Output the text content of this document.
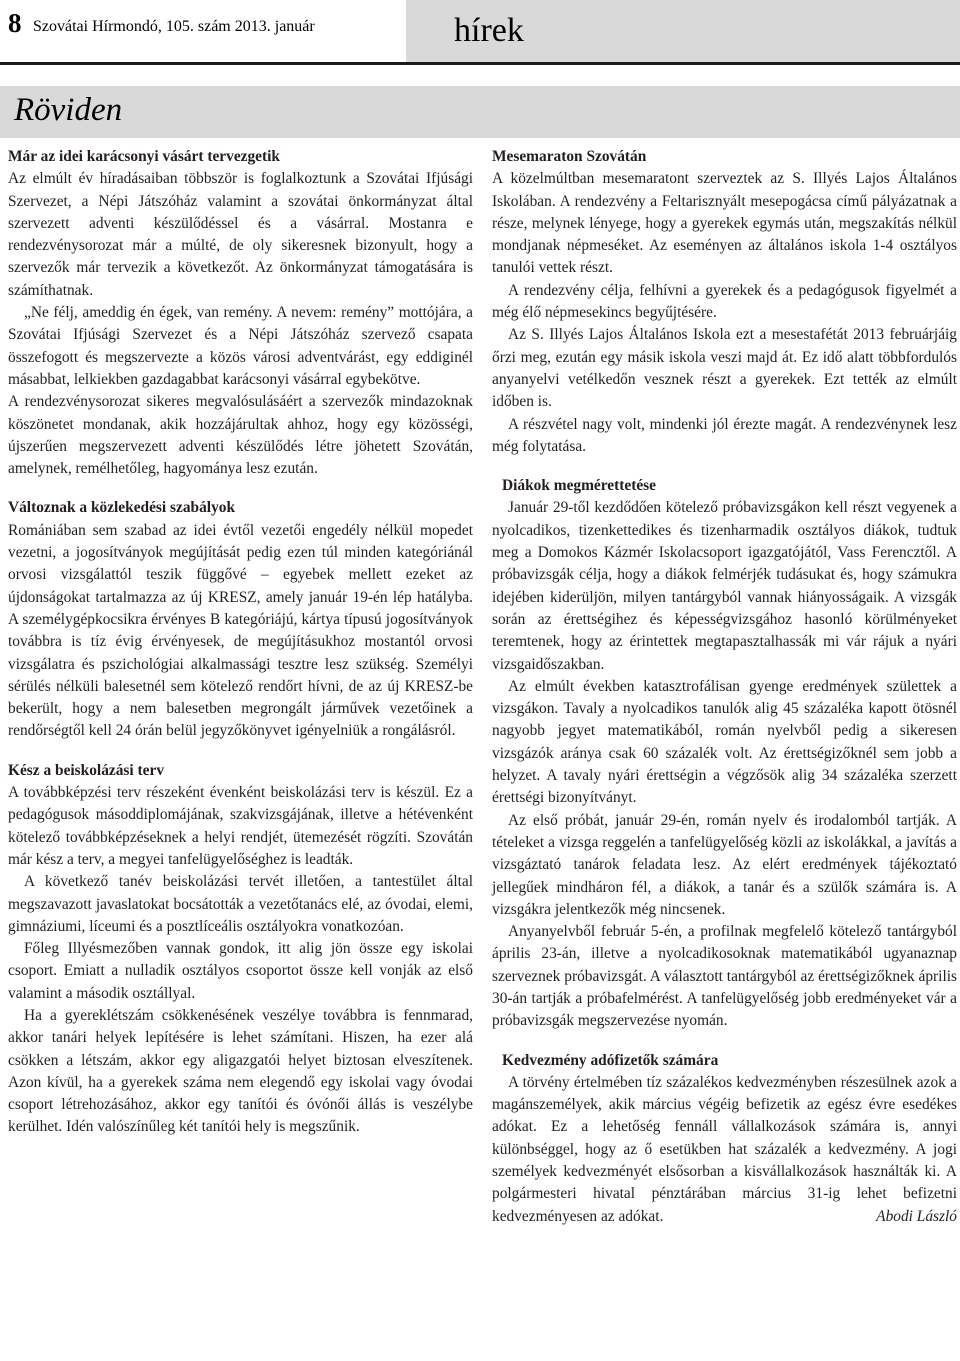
8 Szovátai Hírmondó, 105. szám 2013. január	hírek
Röviden

Már az idei karácsonyi vásárt tervezgetik

Az elmúlt év híradásaiban többször is foglalkoztunk a Szovátai Ifjúsági Szervezet, a Népi Játszóház valamint a szovátai önkormányzat által szervezett adventi készülődéssel és a vásárral. Mostanra e rendezvénysorozat már a múlté, de oly sikeresnek bizonyult, hogy a szervezők már tervezik a következőt. Az önkormányzat támogatására is számíthatnak.

„Ne félj, ameddig én égek, van remény. A nevem: remény” mottójára, a Szovátai Ifjúsági Szervezet és a Népi Játszóház szervező csapata összefogott és megszervezte a közös városi adventvárást, egy eddiginél másabbat, lelkiekben gazdagabbat karácsonyi vásárral egybekötve.

A rendezvénysorozat sikeres megvalósulásáért a szervezők mindazoknak köszönetet mondanak, akik hozzájárultak ahhoz, hogy egy közösségi, újszerűen megszervezett adventi készülődés létre jöhetett Szovátán, amelynek, remélhetőleg, hagyománya lesz ezután.

Változnak a közlekedési szabályok

Romániában sem szabad az idei évtől vezetői engedély nélkül mopedet vezetni, a jogosítványok megújítását pedig ezen túl minden kategóriánál orvosi vizsgálattól teszik függővé – egyebek mellett ezeket az újdonságokat tartalmazza az új KRESZ, amely január 19-én lép hatályba. A személygépkocsikra érvényes B kategóriájú, kártya típusú jogosítványok továbbra is tíz évig érvényesek, de megújításukhoz mostantól orvosi vizsgálatra és pszichológiai alkalmassági tesztre lesz szükség. Személyi sérülés nélküli balesetnél sem kötelező rendőrt hívni, de az új KRESZ-be bekerült, hogy a nem balesetben megrongált járművek vezetőinek a rendőrségtől kell 24 órán belül jegyzőkönyvet igényelniük a rongálásról.

Kész a beiskolázási terv

A továbbképzési terv részeként évenként beiskolázási terv is készül. Ez a pedagógusok másoddiplomájának, szakvizsgájának, illetve a hétévenként kötelező továbbképzéseknek a helyi rendjét, ütemezését rögzíti. Szovátán már kész a terv, a megyei tanfelügyelőséghez is leadták.

A következő tanév beiskolázási tervét illetően, a tantestület által megszavazott javaslatokat bocsátották a vezetőtanács elé, az óvodai, elemi, gimnáziumi, líceumi és a posztlíceális osztályokra vonatkozóan.

Főleg Illyésmezőben vannak gondok, itt alig jön össze egy iskolai csoport. Emiatt a nulladik osztályos csoportot össze kell vonják az első valamint a második osztállyal.

Ha a gyereklétszám csökkenésének veszélye továbbra is fennmarad, akkor tanári helyek lepítésére is lehet számítani. Hiszen, ha ezer alá csökken a létszám, akkor egy aligazgatói helyet biztosan elveszítenek. Azon kívül, ha a gyerekek száma nem elegendő egy iskolai vagy óvodai csoport létrehozásához, akkor egy tanítói és óvónői állás is veszélybe kerülhet. Idén valószínűleg két tanítói hely is megszűnik.

Mesemaraton Szovátán

A közelmúltban mesemaratont szerveztek az S. Illyés Lajos Általános Iskolában. A rendezvény a Feltarisznyált mesepogácsa című pályázatnak a része, melynek lényege, hogy a gyerekek egymás után, megszakítás nélkül mondjanak népmeséket. Az eseményen az általános iskola 1-4 osztályos tanulói vettek részt.

A rendezvény célja, felhívni a gyerekek és a pedagógusok figyelmét a még élő népmesekincs begyűjtésére.

Az S. Illyés Lajos Általános Iskola ezt a mesestafétát 2013 februárjáig őrzi meg, ezután egy másik iskola veszi majd át. Ez idő alatt többfordulós anyanyelvi vetélkedőn vesznek részt a gyerekek. Ezt tették az elmúlt időben is.

A részvétel nagy volt, mindenki jól érezte magát. A rendezvénynek lesz még folytatása.

Diákok megmérettetése

Január 29-től kezdődően kötelező próbavizsgákon kell részt vegyenek a nyolcadikos, tizenkettedikes és tizenharmadik osztályos diákok, tudtuk meg a Domokos Kázmér Iskolacsoport igazgatójától, Vass Ferencztől. A próbavizsgák célja, hogy a diákok felmérjék tudásukat és, hogy számukra idejében kiderüljön, milyen tantárgyból vannak hiányosságaik. A vizsgák során az érettségihez és képességvizsgához hasonló körülményeket teremtenek, hogy az érintettek megtapasztalhassák mi vár rájuk a nyári vizsgaidőszakban.

Az elmúlt években katasztrofálisan gyenge eredmények születtek a vizsgákon. Tavaly a nyolcadikos tanulók alig 45 százaléka kapott ötösnél nagyobb jegyet matematikából, román nyelvből pedig a sikeresen vizsgázók aránya csak 60 százalék volt. Az érettségizőknél sem jobb a helyzet. A tavaly nyári érettségin a végzősök alig 34 százaléka szerzett érettségi bizonyítványt.

Az első próbát, január 29-én, román nyelv és irodalomból tartják. A tételeket a vizsga reggelén a tanfelügyelőség közli az iskolákkal, a javítás a vizsgáztató tanárok feladata lesz. Az elért eredmények tájékoztató jellegűek mindháron fél, a diákok, a tanár és a szülők számára is. A vizsgákra jelentkezők még nincsenek.

Anyanyelvből február 5-én, a profilnak megfelelő kötelező tantárgyból április 23-án, illetve a nyolcadikosoknak matematikából ugyanaznap szerveznek próbavizsgát. A választott tantárgyból az érettségizőknek április 30-án tartják a próbafelmérést. A tanfelügyelőség jobb eredményeket vár a próbavizsgák megszervezése nyomán.

Kedvezmény adófizetők számára

A törvény értelmében tíz százalékos kedvezményben részesülnek azok a magánszemélyek, akik március végéig befizetik az egész évre esedékes adókat. Ez a lehetőség fennáll vállalkozások számára is, annyi különbséggel, hogy az ő esetükben hat százalék a kedvezmény. A jogi személyek kedvezményét elsősorban a kisvállalkozások használták ki. A polgármesteri hivatal pénztárában március 31-ig lehet befizetni kedvezményesen az adókat.	Abodi László
